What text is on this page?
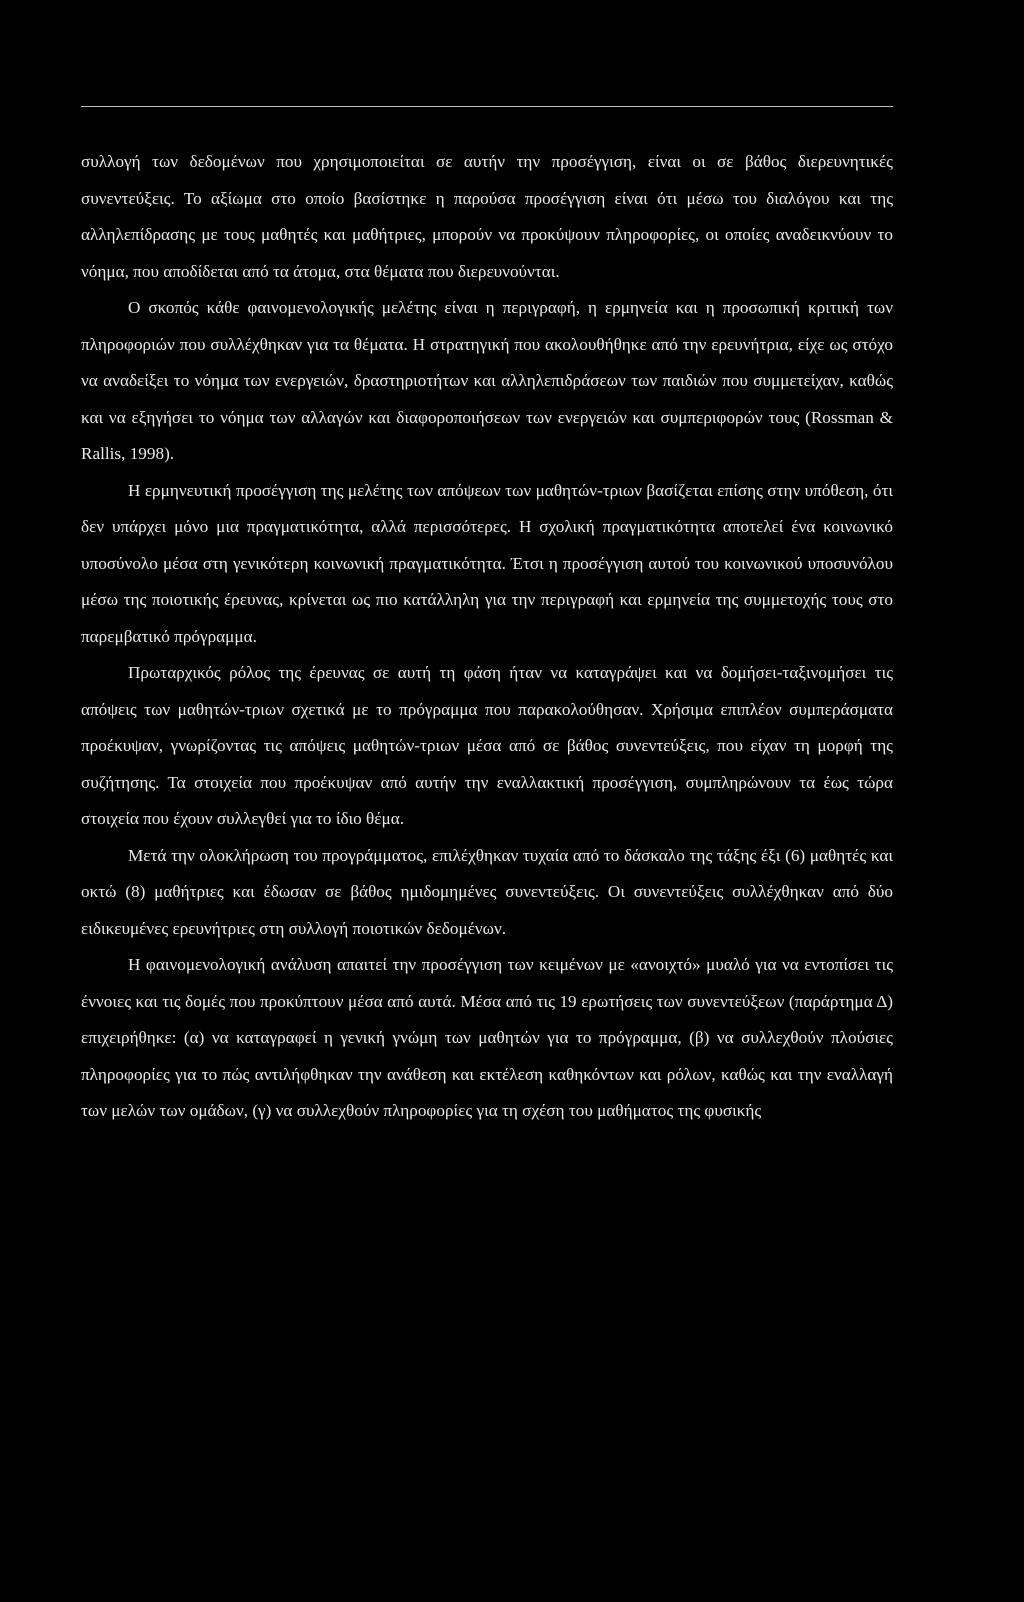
συλλογή των δεδομένων που χρησιμοποιείται σε αυτήν την προσέγγιση, είναι οι σε βάθος διερευνητικές συνεντεύξεις. Το αξίωμα στο οποίο βασίστηκε η παρούσα προσέγγιση είναι ότι μέσω του διαλόγου και της αλληλεπίδρασης με τους μαθητές και μαθήτριες, μπορούν να προκύψουν πληροφορίες, οι οποίες αναδεικνύουν το νόημα, που αποδίδεται από τα άτομα, στα θέματα που διερευνούνται.

Ο σκοπός κάθε φαινομενολογικής μελέτης είναι η περιγραφή, η ερμηνεία και η προσωπική κριτική των πληροφοριών που συλλέχθηκαν για τα θέματα. Η στρατηγική που ακολουθήθηκε από την ερευνήτρια, είχε ως στόχο να αναδείξει το νόημα των ενεργειών, δραστηριοτήτων και αλληλεπιδράσεων των παιδιών που συμμετείχαν, καθώς και να εξηγήσει το νόημα των αλλαγών και διαφοροποιήσεων των ενεργειών και συμπεριφορών τους (Rossman & Rallis, 1998).

Η ερμηνευτική προσέγγιση της μελέτης των απόψεων των μαθητών-τριων βασίζεται επίσης στην υπόθεση, ότι δεν υπάρχει μόνο μια πραγματικότητα, αλλά περισσότερες. Η σχολική πραγματικότητα αποτελεί ένα κοινωνικό υποσύνολο μέσα στη γενικότερη κοινωνική πραγματικότητα. Έτσι η προσέγγιση αυτού του κοινωνικού υποσυνόλου μέσω της ποιοτικής έρευνας, κρίνεται ως πιο κατάλληλη για την περιγραφή και ερμηνεία της συμμετοχής τους στο παρεμβατικό πρόγραμμα.

Πρωταρχικός ρόλος της έρευνας σε αυτή τη φάση ήταν να καταγράψει και να δομήσει-ταξινομήσει τις απόψεις των μαθητών-τριων σχετικά με το πρόγραμμα που παρακολούθησαν. Χρήσιμα επιπλέον συμπεράσματα προέκυψαν, γνωρίζοντας τις απόψεις μαθητών-τριων μέσα από σε βάθος συνεντεύξεις, που είχαν τη μορφή της συζήτησης. Τα στοιχεία που προέκυψαν από αυτήν την εναλλακτική προσέγγιση, συμπληρώνουν τα έως τώρα στοιχεία που έχουν συλλεγθεί για το ίδιο θέμα.

Μετά την ολοκλήρωση του προγράμματος, επιλέχθηκαν τυχαία από το δάσκαλο της τάξης έξι (6) μαθητές και οκτώ (8) μαθήτριες και έδωσαν σε βάθος ημιδομημένες συνεντεύξεις. Οι συνεντεύξεις συλλέχθηκαν από δύο ειδικευμένες ερευνήτριες στη συλλογή ποιοτικών δεδομένων.

Η φαινομενολογική ανάλυση απαιτεί την προσέγγιση των κειμένων με «ανοιχτό» μυαλό για να εντοπίσει τις έννοιες και τις δομές που προκύπτουν μέσα από αυτά. Μέσα από τις 19 ερωτήσεις των συνεντεύξεων (παράρτημα Δ) επιχειρήθηκε: (α) να καταγραφεί η γενική γνώμη των μαθητών για το πρόγραμμα, (β) να συλλεχθούν πλούσιες πληροφορίες για το πώς αντιλήφθηκαν την ανάθεση και εκτέλεση καθηκόντων και ρόλων, καθώς και την εναλλαγή των μελών των ομάδων, (γ) να συλλεχθούν πληροφορίες για τη σχέση του μαθήματος της φυσικής
